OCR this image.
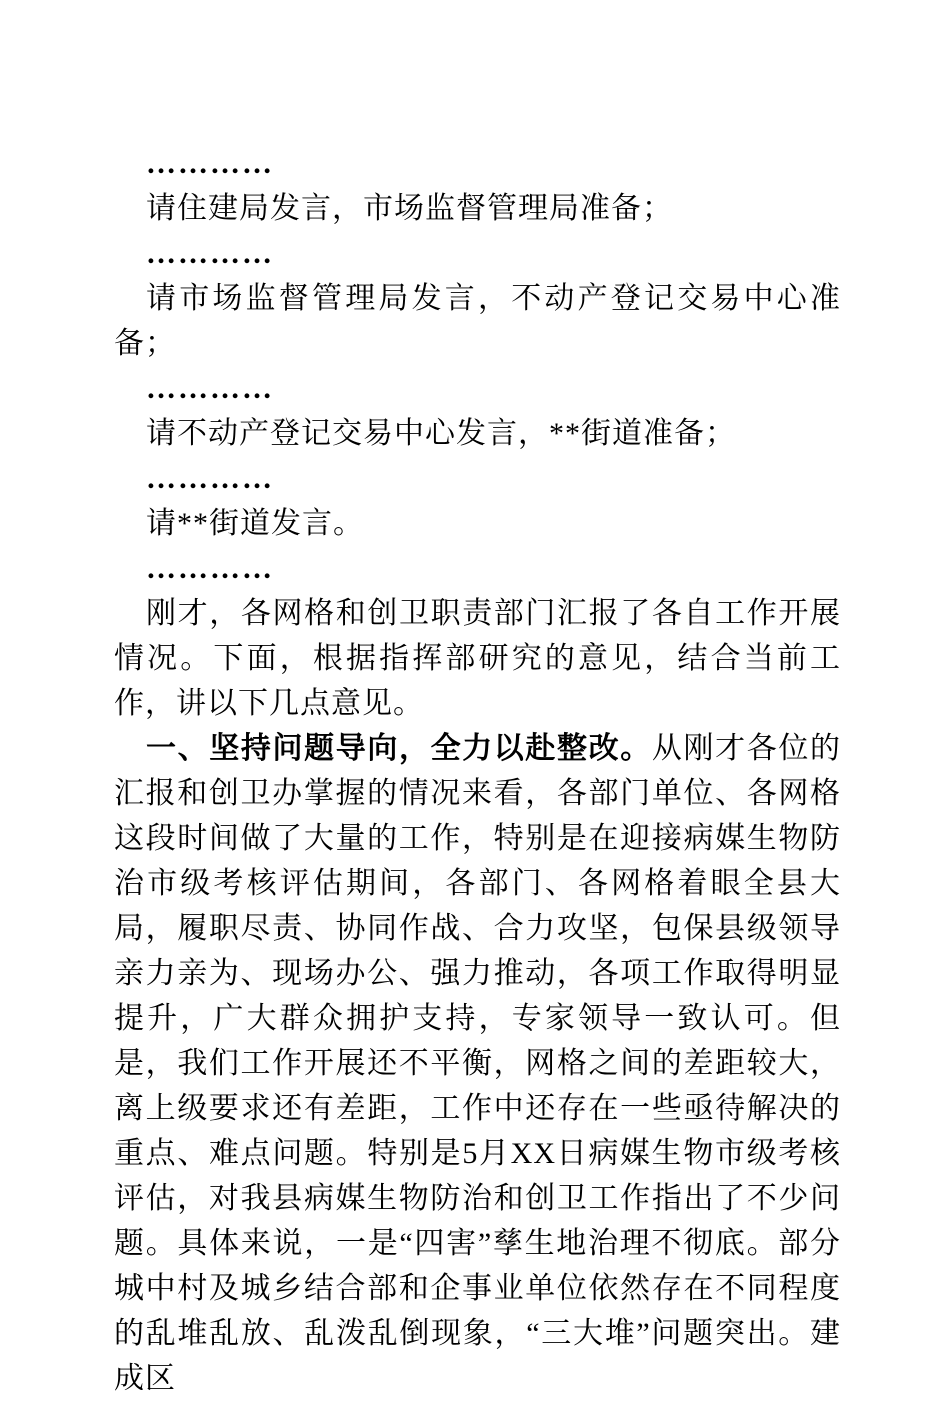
…………

请住建局发言，市场监督管理局准备；

…………

请市场监督管理局发言，不动产登记交易中心准备；

…………

请不动产登记交易中心发言，**街道准备；

…………

请**街道发言。

…………

刚才，各网格和创卫职责部门汇报了各自工作开展情况。下面，根据指挥部研究的意见，结合当前工作，讲以下几点意见。

一、坚持问题导向，全力以赴整改。从刚才各位的汇报和创卫办掌握的情况来看，各部门单位、各网格这段时间做了大量的工作，特别是在迎接病媒生物防治市级考核评估期间，各部门、各网格着眼全县大局，履职尽责、协同作战、合力攻坚，包保县级领导亲力亲为、现场办公、强力推动，各项工作取得明显提升，广大群众拥护支持，专家领导一致认可。但是，我们工作开展还不平衡，网格之间的差距较大，离上级要求还有差距，工作中还存在一些亟待解决的重点、难点问题。特别是5月XX日病媒生物市级考核评估，对我县病媒生物防治和创卫工作指出了不少问题。具体来说，一是“四害”孳生地治理不彻底。部分城中村及城乡结合部和企事业单位依然存在不同程度的乱堆乱放、乱泼乱倒现象，“三大堆”问题突出。建成区
